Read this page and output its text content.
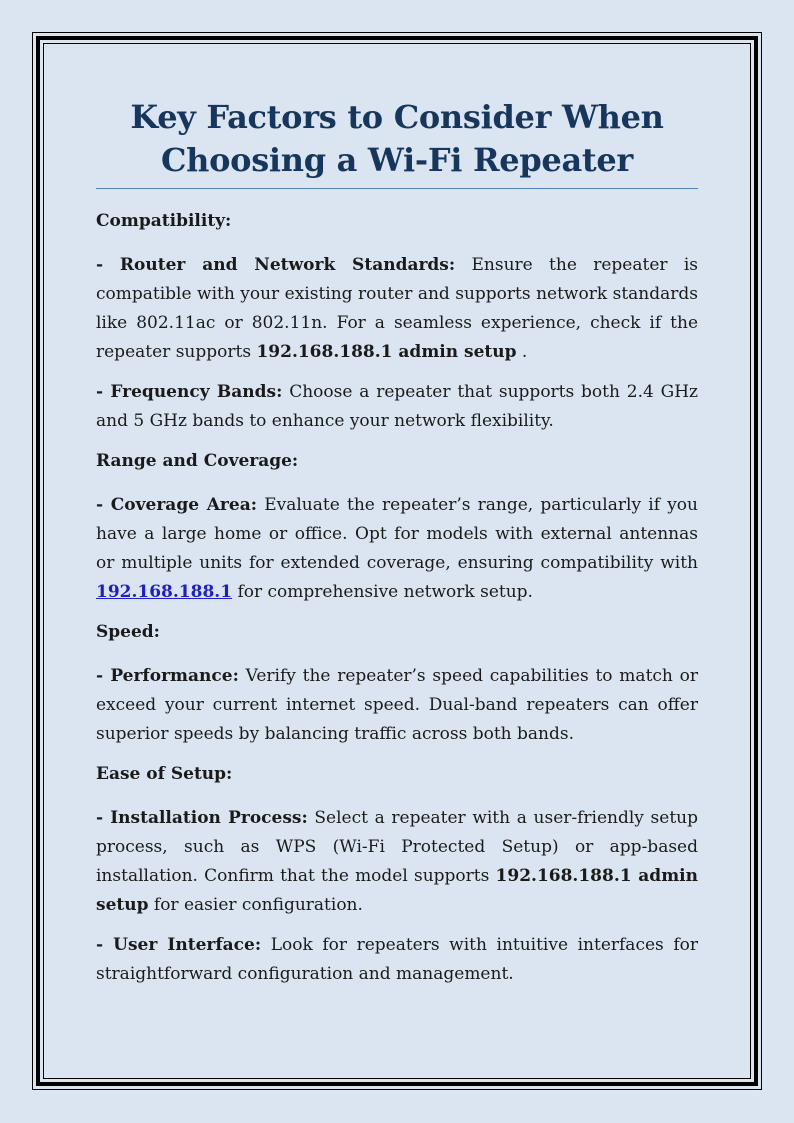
Key Factors to Consider When
Choosing a Wi-Fi Repeater

Compatibility:

- Router and Network Standards: Ensure the repeater is compatible with your existing router and supports network standards like 802.11ac or 802.11n. For a seamless experience, check if the repeater supports 192.168.188.1 admin setup .

- Frequency Bands: Choose a repeater that supports both 2.4 GHz and 5 GHz bands to enhance your network flexibility.

Range and Coverage:

- Coverage Area: Evaluate the repeater’s range, particularly if you have a large home or office. Opt for models with external antennas or multiple units for extended coverage, ensuring compatibility with 192.168.188.1 for comprehensive network setup.

Speed:

- Performance: Verify the repeater’s speed capabilities to match or exceed your current internet speed. Dual-band repeaters can offer superior speeds by balancing traffic across both bands.

Ease of Setup:

- Installation Process: Select a repeater with a user-friendly setup process, such as WPS (Wi-Fi Protected Setup) or app-based installation. Confirm that the model supports 192.168.188.1 admin setup for easier configuration.

- User Interface: Look for repeaters with intuitive interfaces for straightforward configuration and management.
